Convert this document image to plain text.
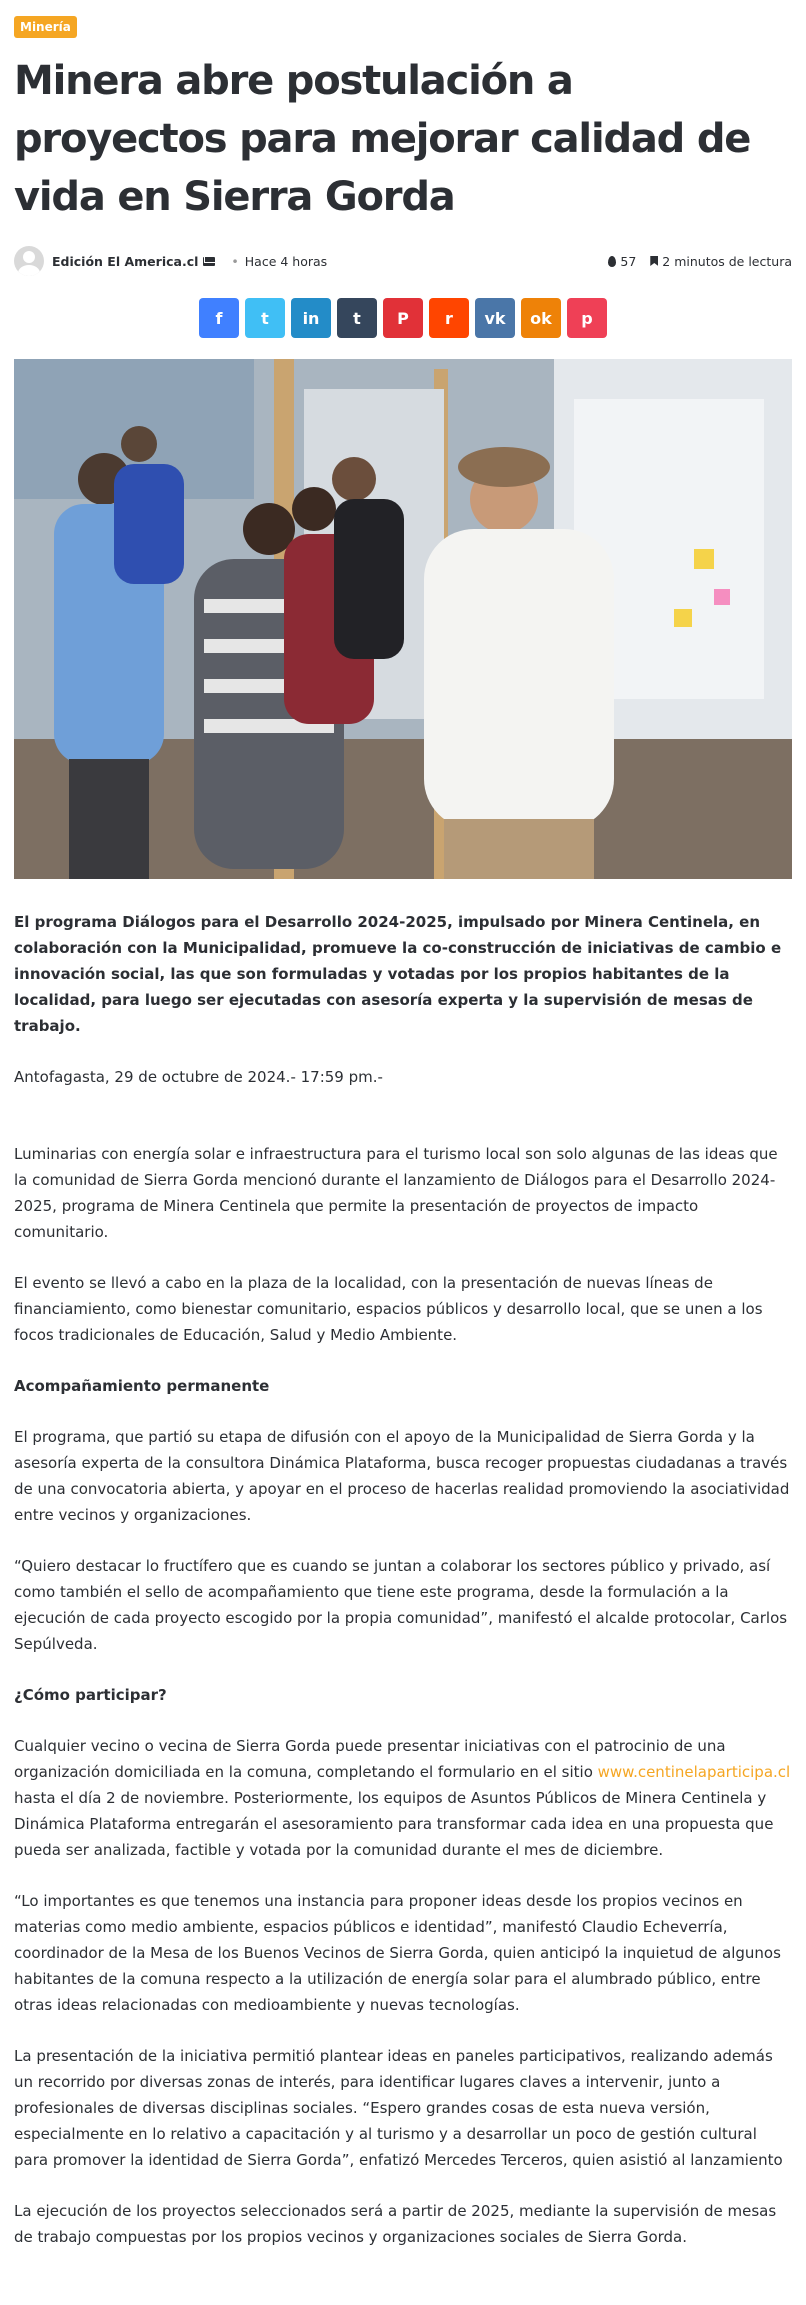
Minería
Minera abre postulación a proyectos para mejorar calidad de vida en Sierra Gorda
Edición El America.cl	• Hace 4 horas	57 2 minutos de lectura
f t in t P r vk ok p

El programa Diálogos para el Desarrollo 2024-2025, impulsado por Minera Centinela, en colaboración con la Municipalidad, promueve la co-construcción de iniciativas de cambio e innovación social, las que son formuladas y votadas por los propios habitantes de la localidad, para luego ser ejecutadas con asesoría experta y la supervisión de mesas de trabajo.

Antofagasta, 29 de octubre de 2024.- 17:59 pm.-

Luminarias con energía solar e infraestructura para el turismo local son solo algunas de las ideas que la comunidad de Sierra Gorda mencionó durante el lanzamiento de Diálogos para el Desarrollo 2024-2025, programa de Minera Centinela que permite la presentación de proyectos de impacto comunitario.

El evento se llevó a cabo en la plaza de la localidad, con la presentación de nuevas líneas de financiamiento, como bienestar comunitario, espacios públicos y desarrollo local, que se unen a los focos tradicionales de Educación, Salud y Medio Ambiente.

Acompañamiento permanente

El programa, que partió su etapa de difusión con el apoyo de la Municipalidad de Sierra Gorda y la asesoría experta de la consultora Dinámica Plataforma, busca recoger propuestas ciudadanas a través de una convocatoria abierta, y apoyar en el proceso de hacerlas realidad promoviendo la asociatividad entre vecinos y organizaciones.

“Quiero destacar lo fructífero que es cuando se juntan a colaborar los sectores público y privado, así como también el sello de acompañamiento que tiene este programa, desde la formulación a la ejecución de cada proyecto escogido por la propia comunidad”, manifestó el alcalde protocolar, Carlos Sepúlveda.

¿Cómo participar?

Cualquier vecino o vecina de Sierra Gorda puede presentar iniciativas con el patrocinio de una organización domiciliada en la comuna, completando el formulario en el sitio www.centinelaparticipa.cl hasta el día 2 de noviembre. Posteriormente, los equipos de Asuntos Públicos de Minera Centinela y Dinámica Plataforma entregarán el asesoramiento para transformar cada idea en una propuesta que pueda ser analizada, factible y votada por la comunidad durante el mes de diciembre.

“Lo importantes es que tenemos una instancia para proponer ideas desde los propios vecinos en materias como medio ambiente, espacios públicos e identidad”, manifestó Claudio Echeverría, coordinador de la Mesa de los Buenos Vecinos de Sierra Gorda, quien anticipó la inquietud de algunos habitantes de la comuna respecto a la utilización de energía solar para el alumbrado público, entre otras ideas relacionadas con medioambiente y nuevas tecnologías.

La presentación de la iniciativa permitió plantear ideas en paneles participativos, realizando además un recorrido por diversas zonas de interés, para identificar lugares claves a intervenir, junto a profesionales de diversas disciplinas sociales. “Espero grandes cosas de esta nueva versión, especialmente en lo relativo a capacitación y al turismo y a desarrollar un poco de gestión cultural para promover la identidad de Sierra Gorda”, enfatizó Mercedes Terceros, quien asistió al lanzamiento

La ejecución de los proyectos seleccionados será a partir de 2025, mediante la supervisión de mesas de trabajo compuestas por los propios vecinos y organizaciones sociales de Sierra Gorda.
